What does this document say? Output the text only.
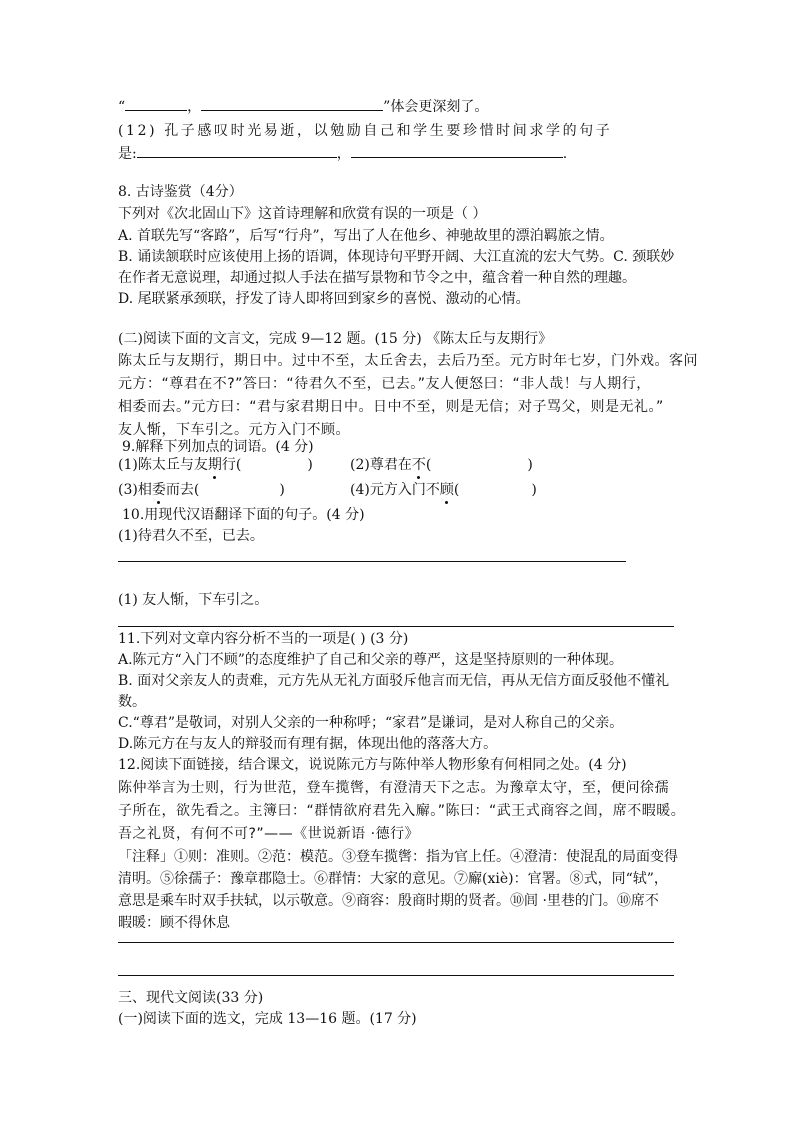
“	，	”体会更深刻了。
(12) 孔子感叹时光易逝，以勉励自己和学生要珍惜时间求学的句子
是:	，	.
8. 古诗鉴赏（4分）
下列对《次北固山下》这首诗理解和欣赏有误的一项是（ ）
A. 首联先写“客路”，后写“行舟”，写出了人在他乡、神驰故里的漂泊羁旅之情。
B. 诵读颔联时应该使用上扬的语调，体现诗句平野开阔、大江直流的宏大气势。C. 颈联妙
在作者无意说理，却通过拟人手法在描写景物和节令之中，蕴含着一种自然的理趣。
D. 尾联紧承颈联，抒发了诗人即将回到家乡的喜悦、激动的心情。
(二)阅读下面的文言文，完成 9—12 题。(15 分) 《陈太丘与友期行》
陈太丘与友期行，期日中。过中不至，太丘舍去，去后乃至。元方时年七岁，门外戏。客问
元方：“尊君在不?”答曰：“待君久不至，已去。”友人便怒曰：“非人哉！与人期行，
相委而去。”元方曰：“君与家君期日中。日中不至，则是无信；对子骂父，则是无礼。”
友人惭，下车引之。元方入门不顾。
9.解释下列加点的词语。(4 分)
(1)陈太丘与友期行(	)	(2)尊君在不(	)
(3)相委而去(	)	(4)元方入门不顾(	)
10.用现代汉语翻译下面的句子。(4 分)
(1)待君久不至，已去。
(1) 友人惭，下车引之。
11.下列对文章内容分析不当的一项是( ) (3 分)
A.陈元方“入门不顾”的态度维护了自己和父亲的尊严，这是坚持原则的一种体现。
B. 面对父亲友人的责难，元方先从无礼方面驳斥他言而无信，再从无信方面反驳他不懂礼
数。
C.“尊君”是敬词，对别人父亲的一种称呼；“家君”是谦词，是对人称自己的父亲。
D.陈元方在与友人的辩驳而有理有据，体现出他的落落大方。
12.阅读下面链接，结合课文，说说陈元方与陈仲举人物形象有何相同之处。(4 分)
陈仲举言为士则，行为世范，登车揽辔，有澄清天下之志。为豫章太守，至，便问徐孺
子所在，欲先看之。主簿曰：“群情欲府君先入廨。”陈曰：“武王式商容之闾，席不暇暖。
吾之礼贤，有何不可?”——《世说新语 ·德行》
「注释」①则：准则。②范：模范。③登车揽辔：指为官上任。④澄清：使混乱的局面变得
清明。⑤徐孺子：豫章郡隐士。⑥群情：大家的意见。⑦廨(xiè)：官署。⑧式，同“轼”，
意思是乘车时双手扶轼，以示敬意。⑨商容：殷商时期的贤者。⑩闾 ·里巷的门。⑩席不
暇暖：顾不得休息
三、现代文阅读(33 分)
(一)阅读下面的选文，完成 13—16 题。(17 分)
